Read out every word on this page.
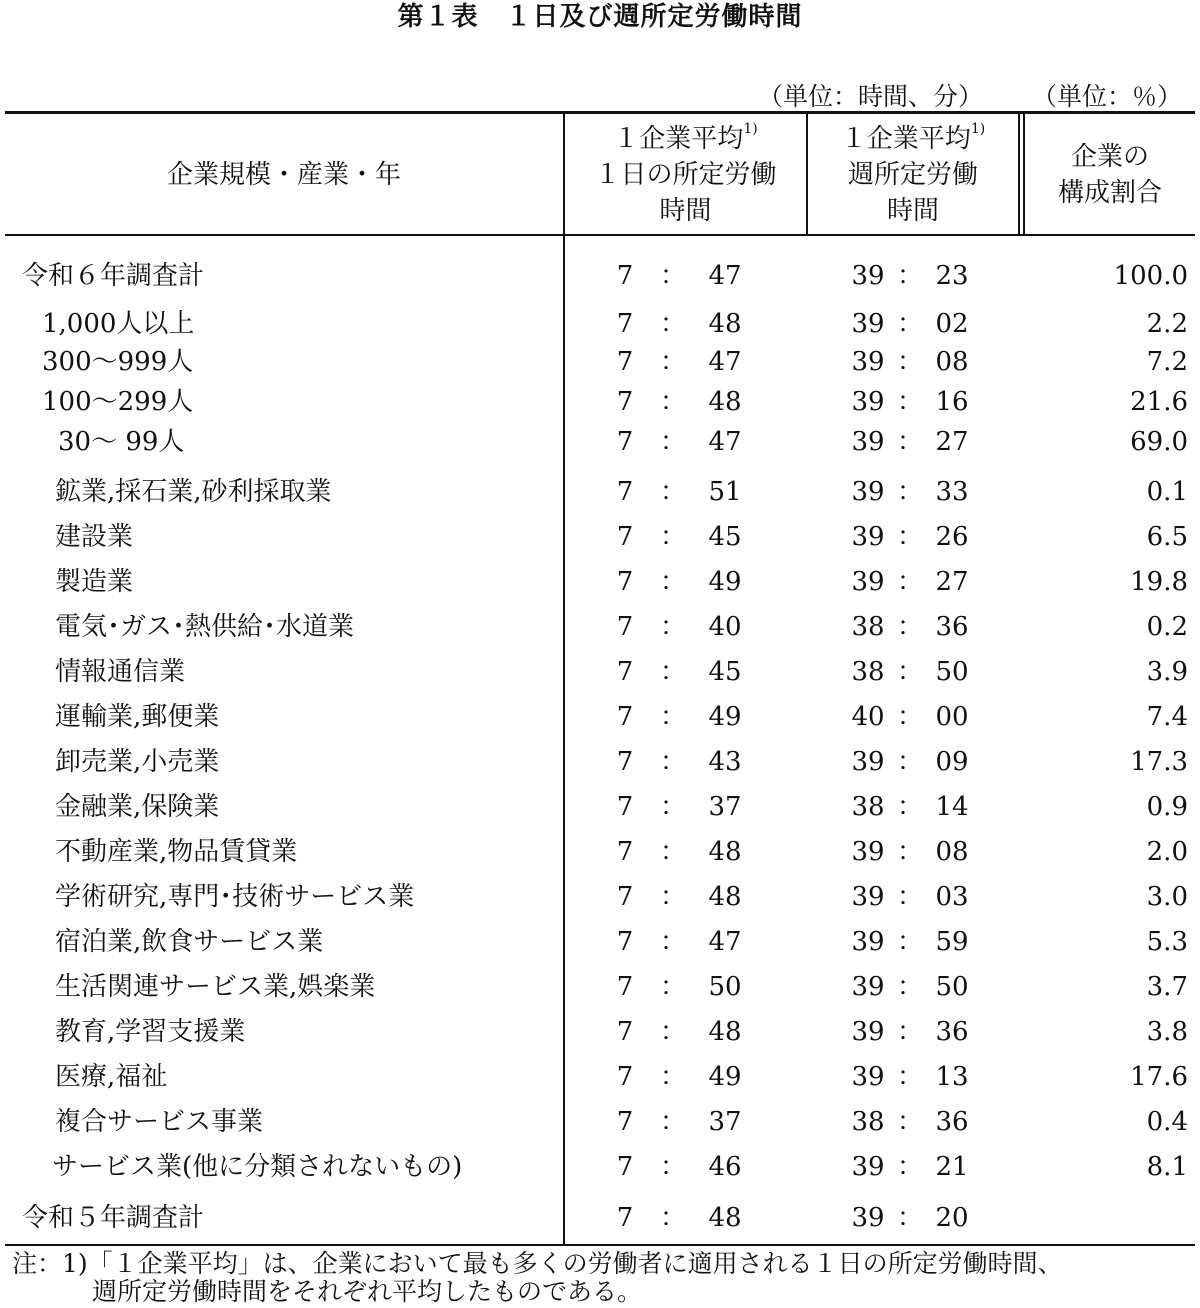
第１表　１日及び週所定労働時間
（単位：時間、分） （単位：％）
企業規模・産業・年
１企業平均$^{1)}$
１日の所定労働
時間
１企業平均$^{1)}$
週所定労働
時間
企業の
構成割合
令和６年調査計	7	： 47	39 ： 23	100.0
1,000人以上	7	： 48	39 ： 02	2.2
300～999人	7	： 47	39 ： 08	7.2
100～299人	7	： 48	39 ： 16	21.6
30～ 99人	7	： 47	39 ： 27	69.0
鉱業,採石業,砂利採取業	7	： 51	39 ： 33	0.1
建設業	7	： 45	39 ： 26	6.5
製造業	7	： 49	39 ： 27	19.8
電気･ガス･熱供給･水道業	7	： 40	38 ： 36	0.2
情報通信業	7	： 45	38 ： 50	3.9
運輸業,郵便業	7	： 49	40 ： 00	7.4
卸売業,小売業	7	： 43	39 ： 09	17.3
金融業,保険業	7	： 37	38 ： 14	0.9
不動産業,物品賃貸業	7	： 48	39 ： 08	2.0
学術研究,専門･技術サービス業	7	： 48	39 ： 03	3.0
宿泊業,飲食サービス業	7	： 47	39 ： 59	5.3
生活関連サービス業,娯楽業	7	： 50	39 ： 50	3.7
教育,学習支援業	7	： 48	39 ： 36	3.8
医療,福祉	7	： 49	39 ： 13	17.6
複合サービス事業	7	： 37	38 ： 36	0.4
サービス業(他に分類されないもの)	7	： 46	39 ： 21	8.1
令和５年調査計	7	： 48	39 ： 20
注：1)「１企業平均」は、企業において最も多くの労働者に適用される１日の所定労働時間、
週所定労働時間をそれぞれ平均したものである。
